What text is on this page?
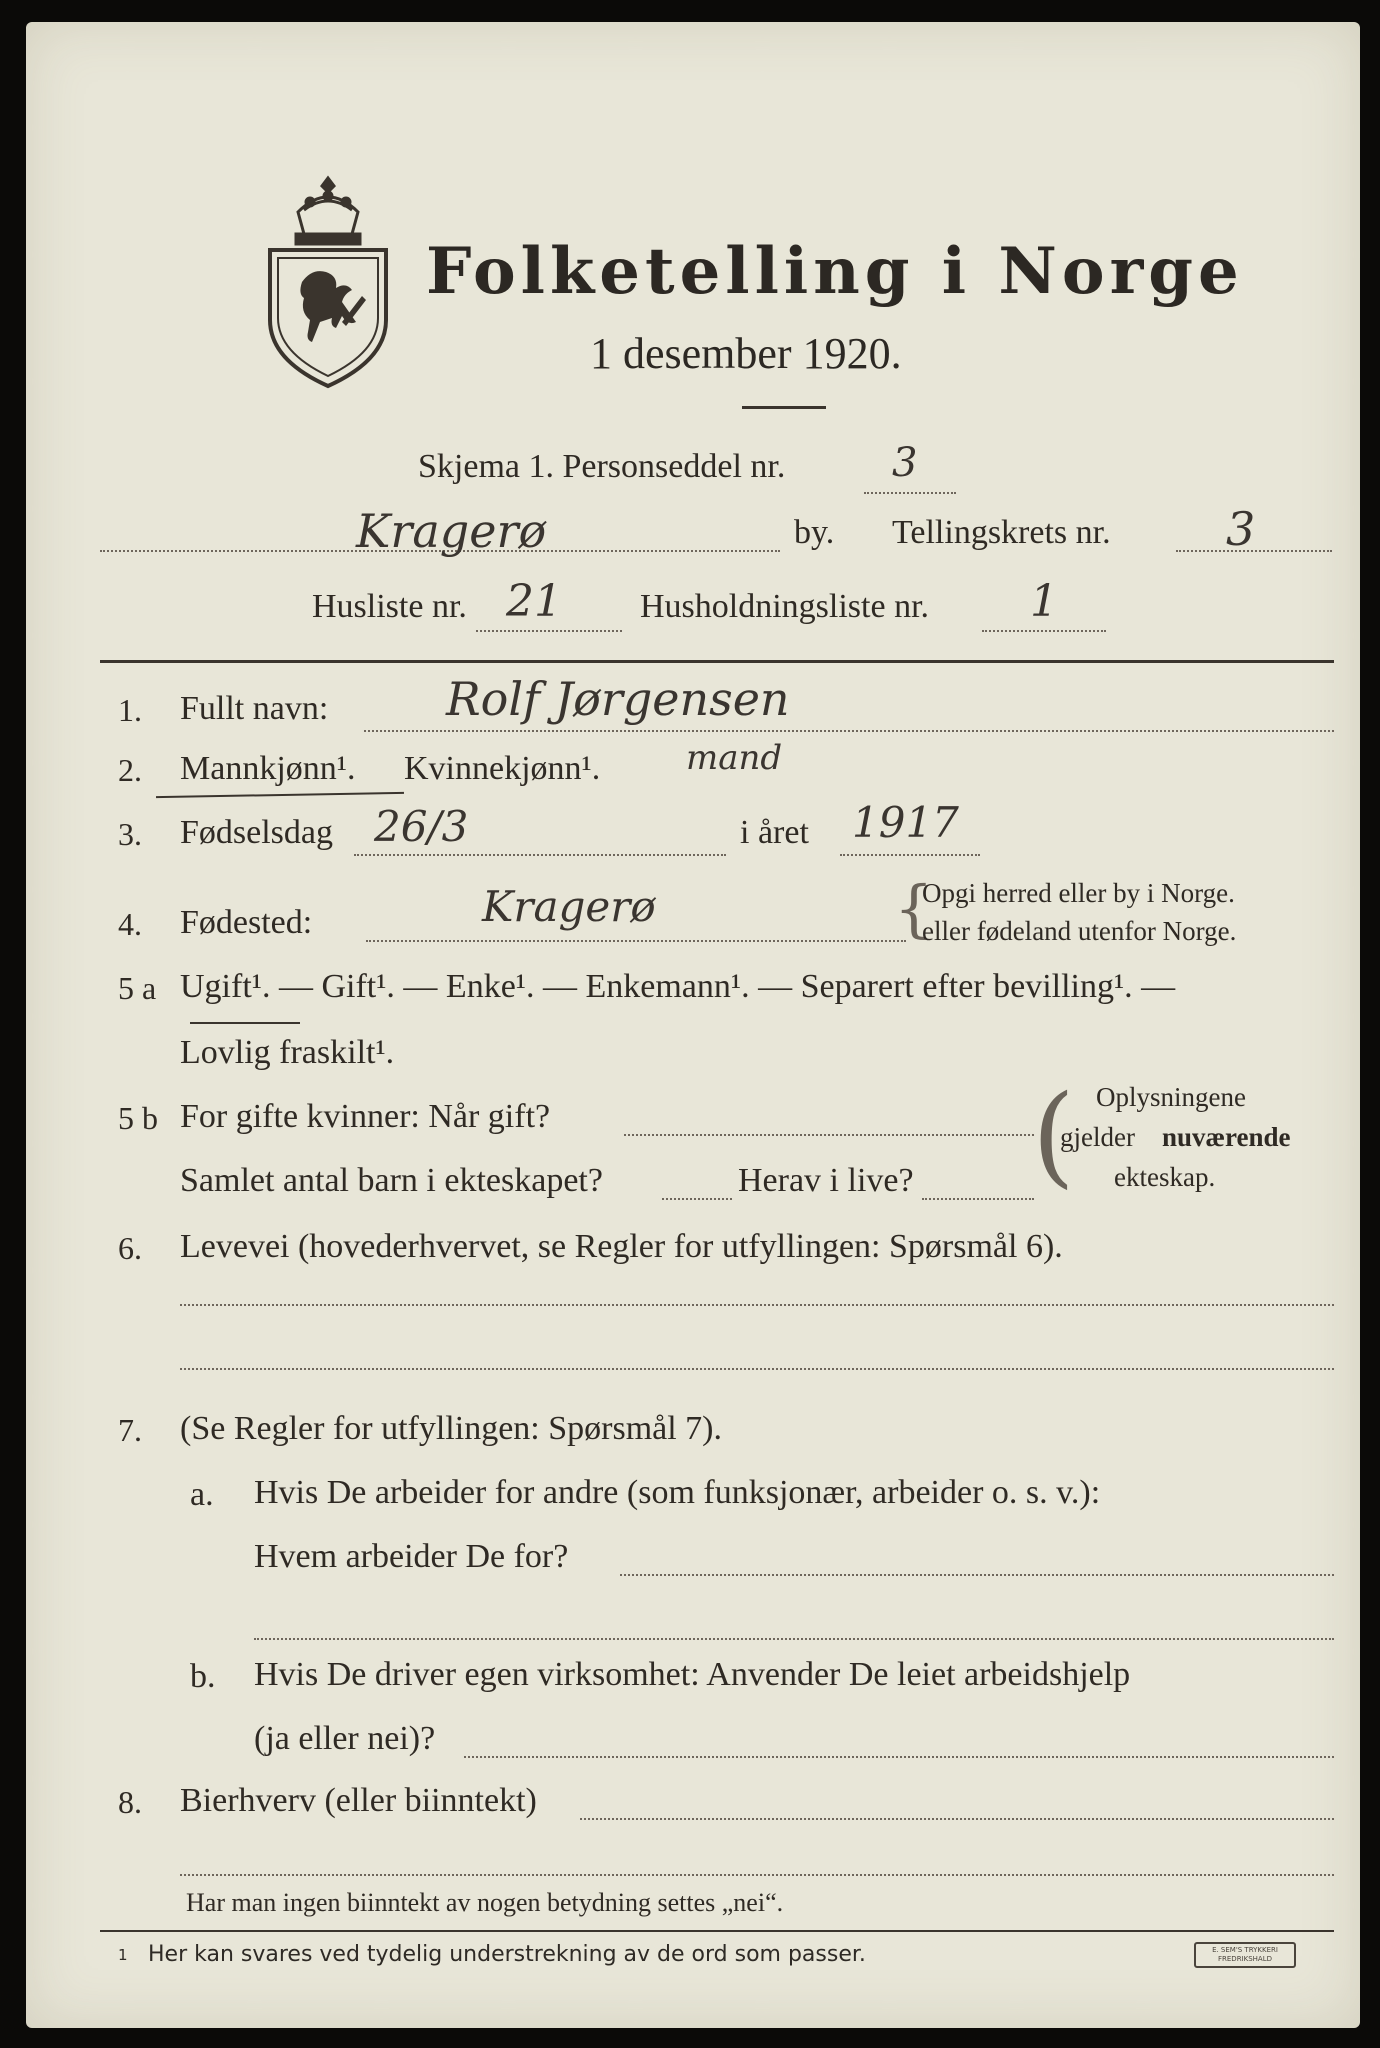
Folketelling i Norge
1 desember 1920.
Skjema 1. Personseddel nr.	3
Kragerø	by. Tellingskrets nr.	3
Husliste nr. 21 Husholdningsliste nr. 1
1. Fullt navn:	Rolf Jørgensen
2. Mannkjønn¹. Kvinnekjønn¹.	mand
3. Fødselsdag 26/3	i året 1917
4. Fødested:	Kragerø	{
Opgi herred eller by i Norge.
eller fødeland utenfor Norge.
5 a Ugift¹. — Gift¹. — Enke¹. — Enkemann¹. — Separert efter bevilling¹. —
Lovlig fraskilt¹.
5 b For gifte kvinner: Når gift?
Samlet antal barn i ekteskapet?	Herav i live? ( Oplysningene
gjelder nuværende
ekteskap.
6. Levevei (hovederhvervet, se Regler for utfyllingen: Spørsmål 6).
7. (Se Regler for utfyllingen: Spørsmål 7).
a. Hvis De arbeider for andre (som funksjonær, arbeider o. s. v.):
Hvem arbeider De for?
b. Hvis De driver egen virksomhet: Anvender De leiet arbeidshjelp
(ja eller nei)?
8. Bierhverv (eller biinntekt)
Har man ingen biinntekt av nogen betydning settes „nei“.
1 Her kan svares ved tydelig understrekning av de ord som passer.	E. SEM'S TRYKKERI
FREDRIKSHALD
